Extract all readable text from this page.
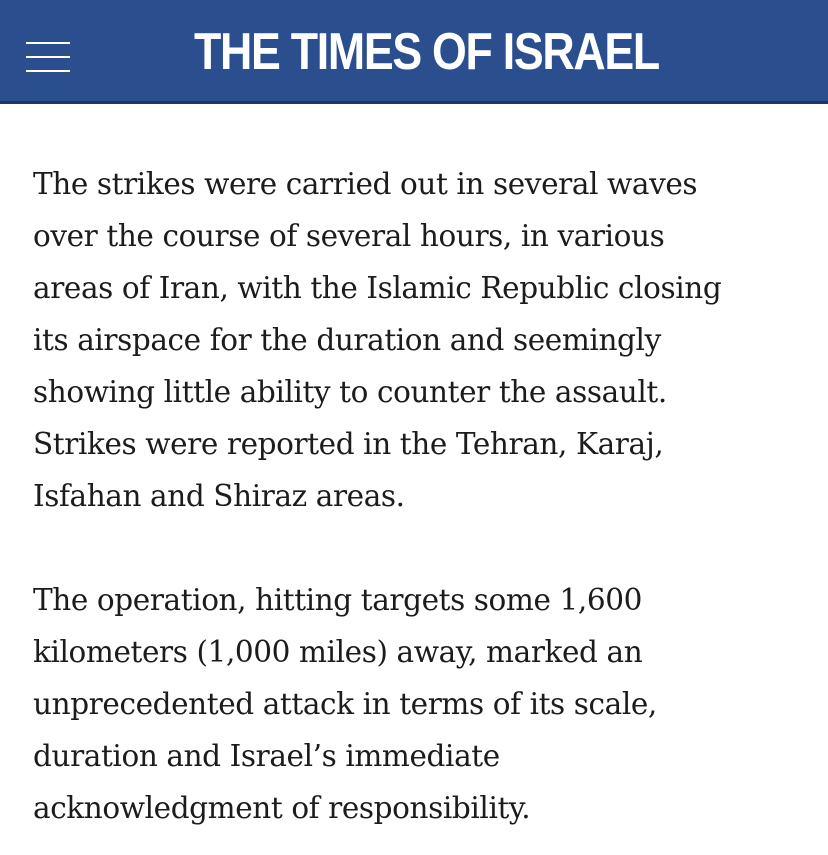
THE TIMES OF ISRAEL

The strikes were carried out in several waves
over the course of several hours, in various
areas of Iran, with the Islamic Republic closing
its airspace for the duration and seemingly
showing little ability to counter the assault.
Strikes were reported in the Tehran, Karaj,
Isfahan and Shiraz areas.

The operation, hitting targets some 1,600
kilometers (1,000 miles) away, marked an
unprecedented attack in terms of its scale,
duration and Israel’s immediate
acknowledgment of responsibility.
